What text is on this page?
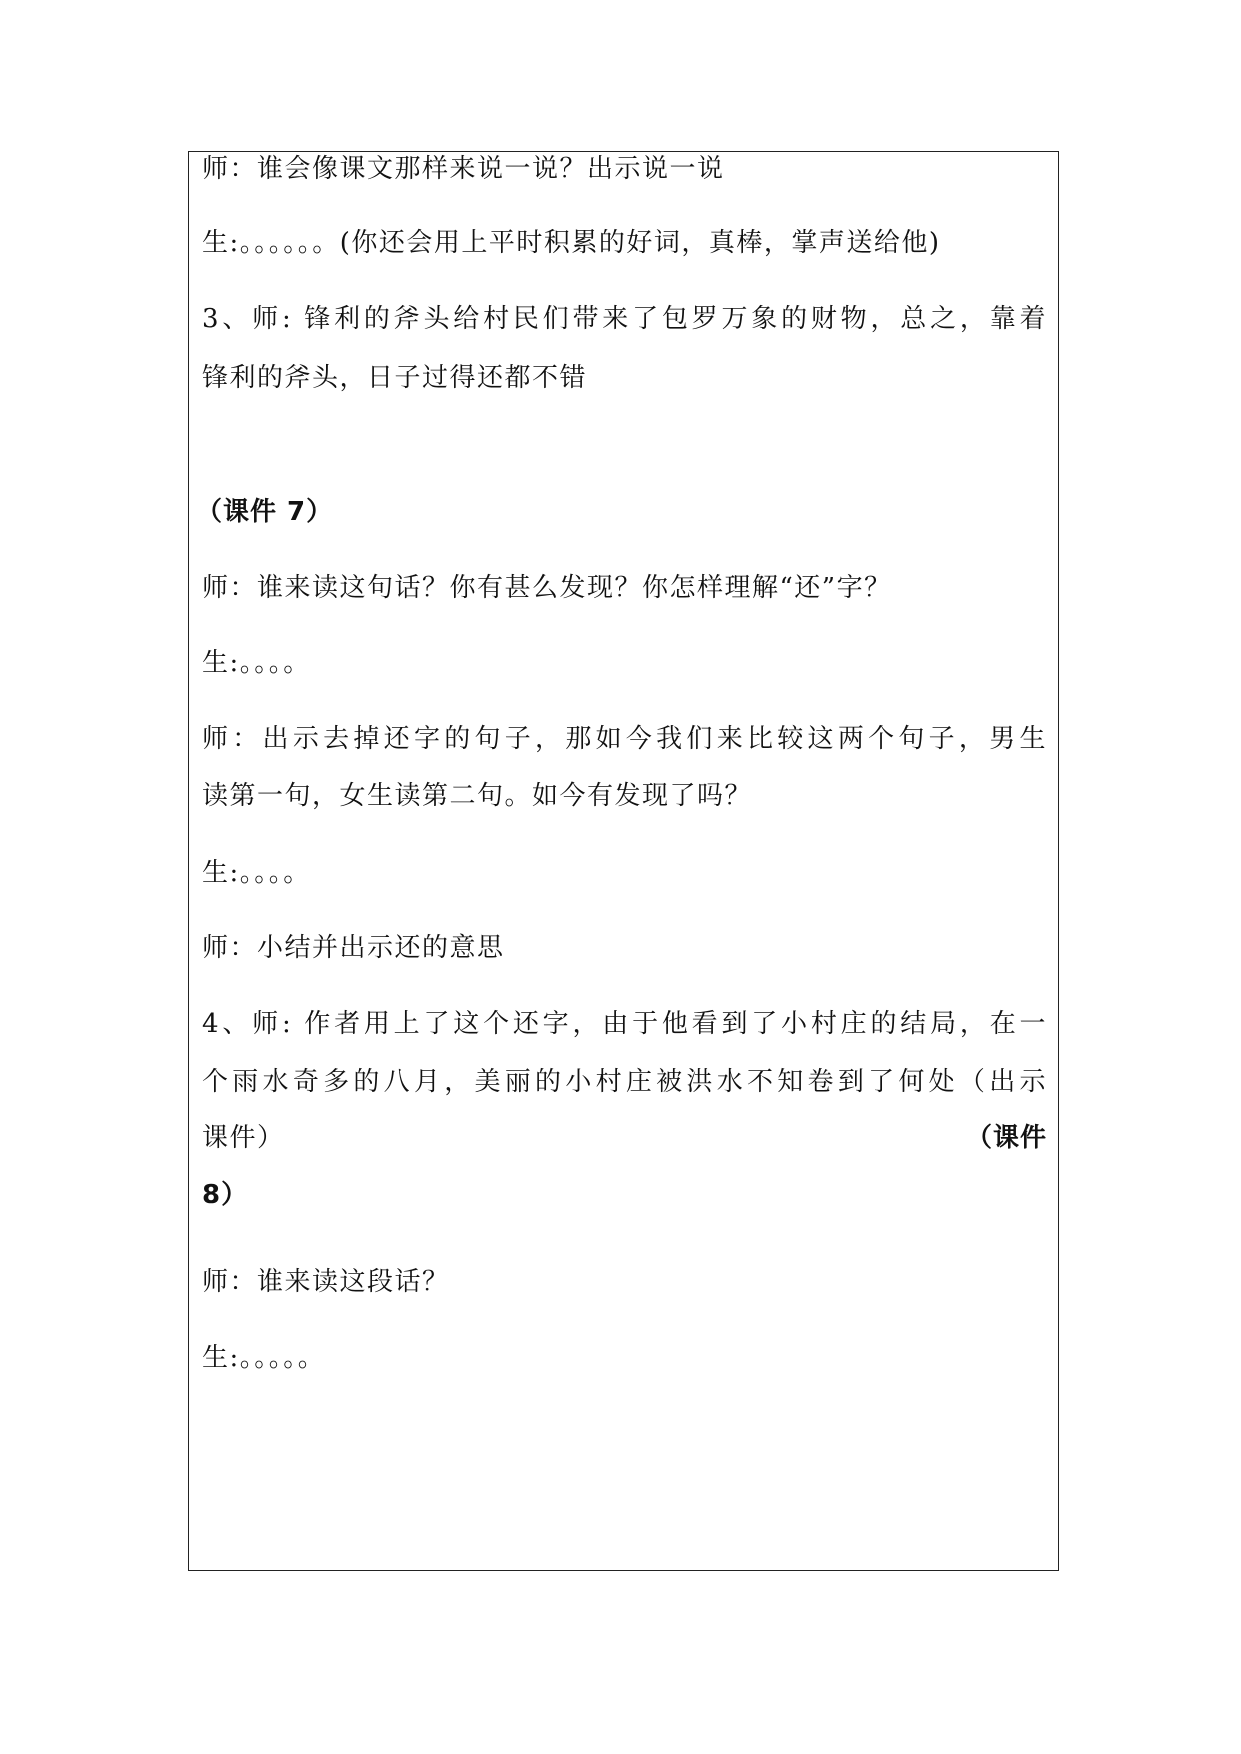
师：谁会像课文那样来说一说？出示说一说
生:。。。。。。(你还会用上平时积累的好词，真棒，掌声送给他)
3、师: 锋利的斧头给村民们带来了包罗万象的财物，总之，靠着
锋利的斧头，日子过得还都不错
（课件 7）
师：谁来读这句话？你有甚么发现？你怎样理解“还”字？
生:。。。。
师：出示去掉还字的句子，那如今我们来比较这两个句子，男生
读第一句，女生读第二句。如今有发现了吗？
生:。。。。
师：小结并出示还的意思
4、师: 作者用上了这个还字，由于他看到了小村庄的结局，在一
个雨水奇多的八月，美丽的小村庄被洪水不知卷到了何处（出示
课件）	（课件
8）
师：谁来读这段话？
生:。。。。。
